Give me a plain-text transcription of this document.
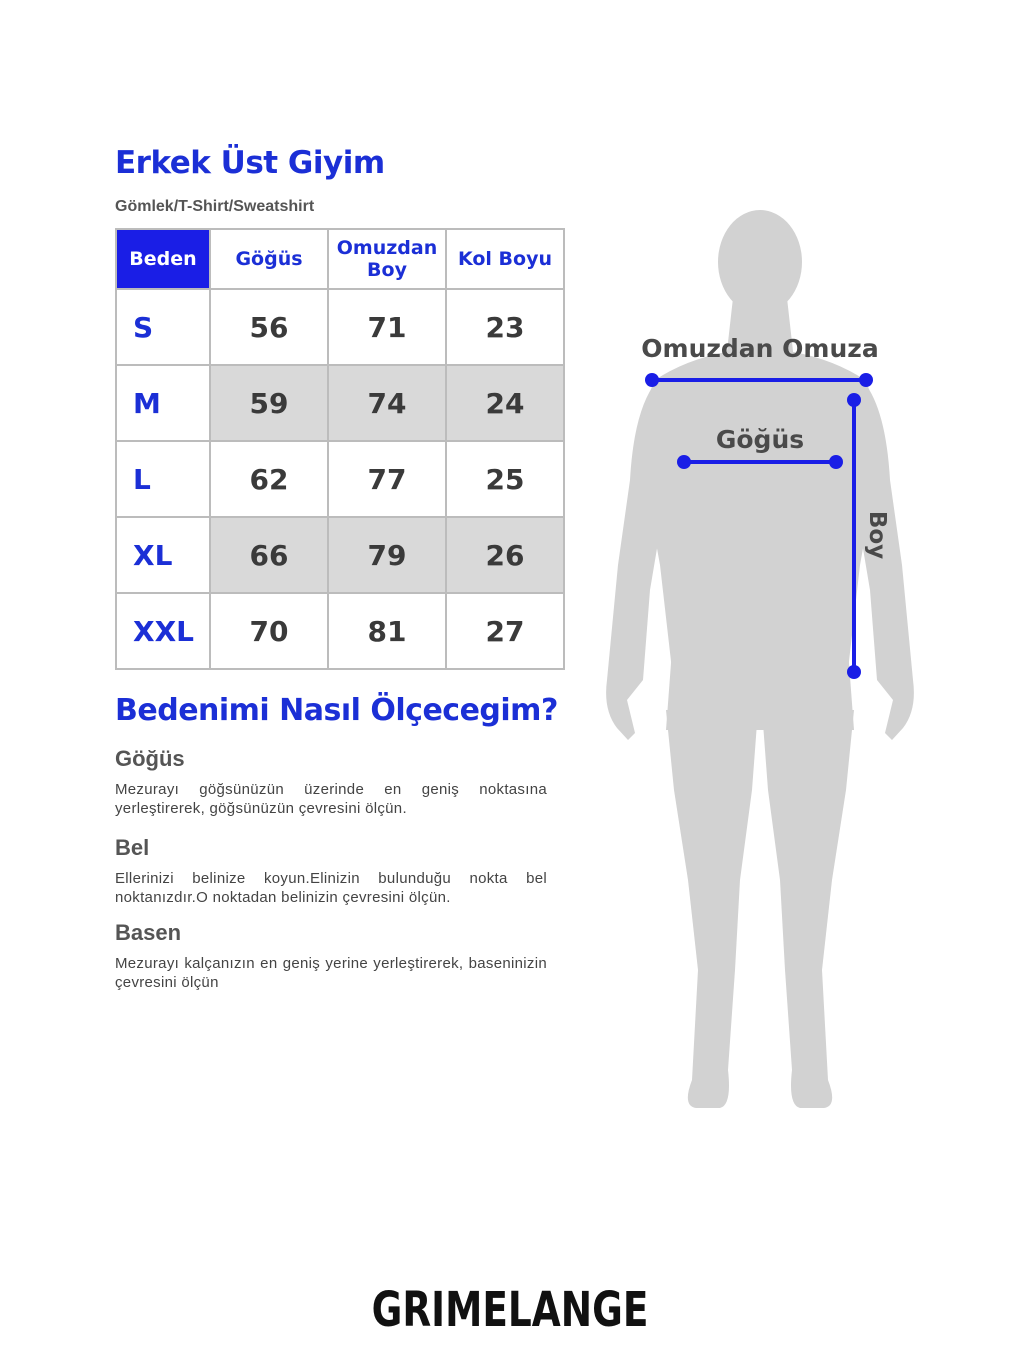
Erkek Üst Giyim
Gömlek/T-Shirt/Sweatshirt
Beden	Göğüs	Omuzdan Boy	Kol Boyu
S	56	71	23
M	59	74	24
L	62	77	25
XL	66	79	26
XXL	70	81	27
Bedenimi Nasıl Ölçecegim?
Göğüs
Mezurayı göğsünüzün üzerinde en geniş noktasına yerleştirerek, göğsünüzün çevresini ölçün.
Bel
Ellerinizi belinize koyun.Elinizin bulunduğu nokta bel noktanızdır.O noktadan belinizin çevresini ölçün.
Basen
Mezurayı kalçanızın en geniş yerine yerleştirerek, baseninizin çevresini ölçün
Omuzdan Omuza
Göğüs
Boy
GRIMELANGE
